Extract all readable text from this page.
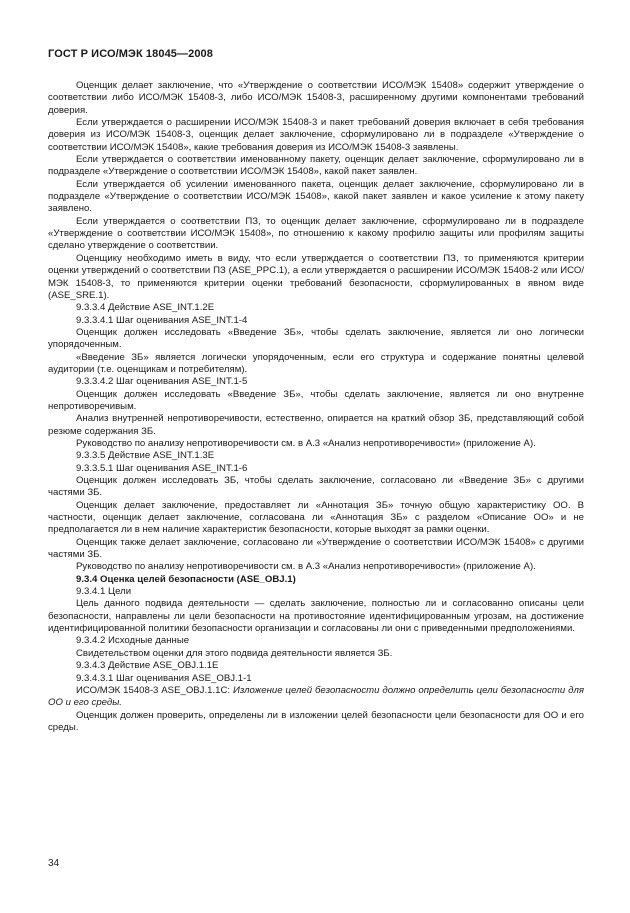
ГОСТ Р ИСО/МЭК 18045—2008

Оценщик делает заключение, что «Утверждение о соответствии ИСО/МЭК 15408» содержит утверждение о соответствии либо ИСО/МЭК 15408-3, либо ИСО/МЭК 15408-3, расширенному другими компонентами требований доверия.

Если утверждается о расширении ИСО/МЭК 15408-3 и пакет требований доверия включает в себя требования доверия из ИСО/МЭК 15408-3, оценщик делает заключение, сформулировано ли в подразделе «Утверждение о соответствии ИСО/МЭК 15408», какие требования доверия из ИСО/МЭК 15408-3 заявлены.

Если утверждается о соответствии именованному пакету, оценщик делает заключение, сформулировано ли в подразделе «Утверждение о соответствии ИСО/МЭК 15408», какой пакет заявлен.

Если утверждается об усилении именованного пакета, оценщик делает заключение, сформулировано ли в подразделе «Утверждение о соответствии ИСО/МЭК 15408», какой пакет заявлен и какое усиление к этому пакету заявлено.

Если утверждается о соответствии ПЗ, то оценщик делает заключение, сформулировано ли в подразделе «Утверждение о соответствии ИСО/МЭК 15408», по отношению к какому профилю защиты или профилям защиты сделано утверждение о соответствии.

Оценщику необходимо иметь в виду, что если утверждается о соответствии ПЗ, то применяются критерии оценки утверждений о соответствии ПЗ (ASE_PPC.1), а если утверждается о расширении ИСО/МЭК 15408-2 или ИСО/МЭК 15408-3, то применяются критерии оценки требований безопасности, сформулированных в явном виде (ASE_SRE.1).

9.3.3.4 Действие ASE_INT.1.2E

9.3.3.4.1 Шаг оценивания ASE_INT.1-4

Оценщик должен исследовать «Введение ЗБ», чтобы сделать заключение, является ли оно логически упорядоченным.

«Введение ЗБ» является логически упорядоченным, если его структура и содержание понятны целевой аудитории (т.е. оценщикам и потребителям).

9.3.3.4.2 Шаг оценивания ASE_INT.1-5

Оценщик должен исследовать «Введение ЗБ», чтобы сделать заключение, является ли оно внутренне непротиворечивым.

Анализ внутренней непротиворечивости, естественно, опирается на краткий обзор ЗБ, представляющий собой резюме содержания ЗБ.

Руководство по анализу непротиворечивости см. в А.3 «Анализ непротиворечивости» (приложение А).

9.3.3.5 Действие ASE_INT.1.3E

9.3.3.5.1 Шаг оценивания ASE_INT.1-6

Оценщик должен исследовать ЗБ, чтобы сделать заключение, согласовано ли «Введение ЗБ» с другими частями ЗБ.

Оценщик делает заключение, предоставляет ли «Аннотация ЗБ» точную общую характеристику ОО. В частности, оценщик делает заключение, согласована ли «Аннотация ЗБ» с разделом «Описание ОО» и не предполагается ли в нем наличие характеристик безопасности, которые выходят за рамки оценки.

Оценщик также делает заключение, согласовано ли «Утверждение о соответствии ИСО/МЭК 15408» с другими частями ЗБ.

Руководство по анализу непротиворечивости см. в А.3 «Анализ непротиворечивости» (приложение А).

9.3.4 Оценка целей безопасности (ASE_OBJ.1)

9.3.4.1 Цели

Цель данного подвида деятельности — сделать заключение, полностью ли и согласованно описаны цели безопасности, направлены ли цели безопасности на противостояние идентифицированным угрозам, на достижение идентифицированной политики безопасности организации и согласованы ли они с приведенными предположениями.

9.3.4.2 Исходные данные

Свидетельством оценки для этого подвида деятельности является ЗБ.

9.3.4.3 Действие ASE_OBJ.1.1E

9.3.4.3.1 Шаг оценивания ASE_OBJ.1-1

ИСО/МЭК 15408-3 ASE_OBJ.1.1C: Изложение целей безопасности должно определить цели безопасности для ОО и его среды.

Оценщик должен проверить, определены ли в изложении целей безопасности цели безопасности для ОО и его среды.

34
